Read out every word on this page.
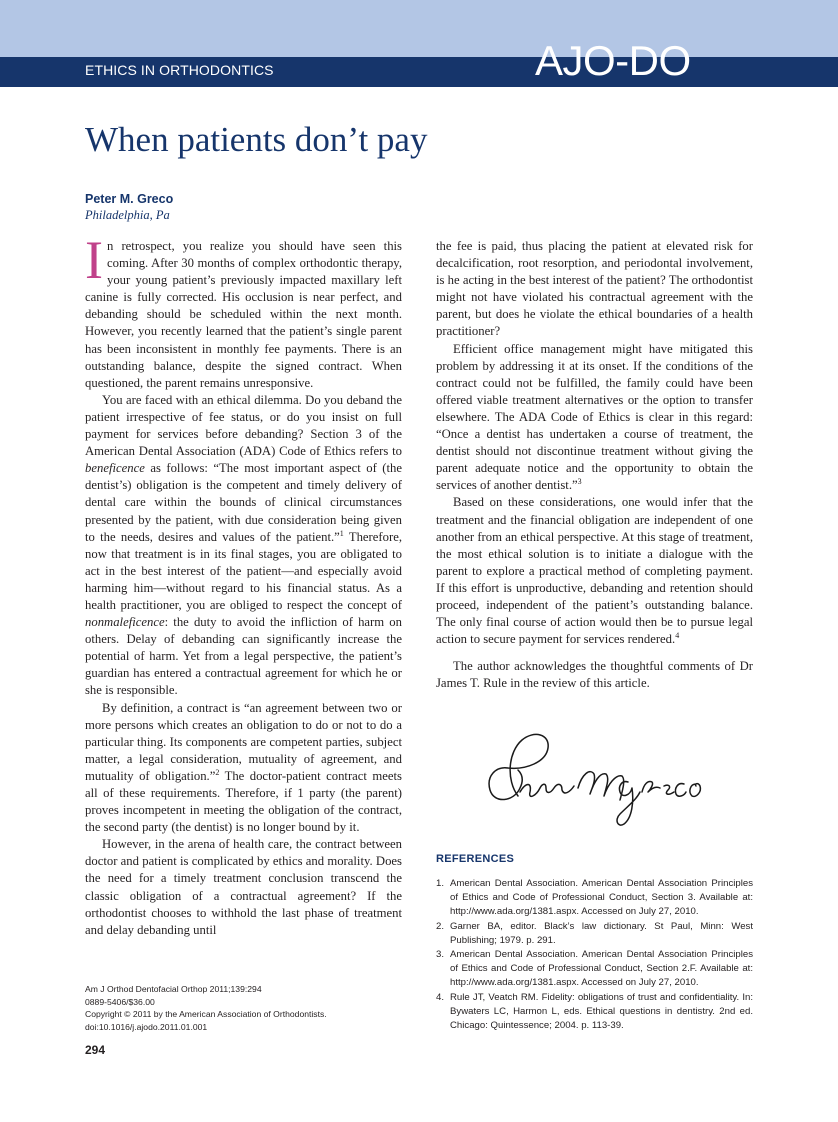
ETHICS IN ORTHODONTICS	AJO-DO
When patients don’t pay
Peter M. Greco
Philadelphia, Pa

In retrospect, you realize you should have seen this coming. After 30 months of complex orthodontic therapy, your young patient’s previously impacted maxillary left canine is fully corrected. His occlusion is near perfect, and debanding should be scheduled within the next month. However, you recently learned that the patient’s single parent has been inconsistent in monthly fee payments. There is an outstanding balance, despite the signed contract. When questioned, the parent remains unresponsive.

You are faced with an ethical dilemma. Do you deband the patient irrespective of fee status, or do you insist on full payment for services before debanding? Section 3 of the American Dental Association (ADA) Code of Ethics refers to beneficence as follows: “The most important aspect of (the dentist’s) obligation is the competent and timely delivery of dental care within the bounds of clinical circumstances presented by the patient, with due consideration being given to the needs, desires and values of the patient.”$^1$ Therefore, now that treatment is in its final stages, you are obligated to act in the best interest of the patient—and especially avoid harming him—without regard to his financial status. As a health practitioner, you are obliged to respect the concept of nonmaleficence: the duty to avoid the infliction of harm on others. Delay of debanding can significantly increase the potential of harm. Yet from a legal perspective, the patient’s guardian has entered a contractual agreement for which he or she is responsible.

By definition, a contract is “an agreement between two or more persons which creates an obligation to do or not to do a particular thing. Its components are competent parties, subject matter, a legal consideration, mutuality of agreement, and mutuality of obligation.”$^2$ The doctor-patient contract meets all of these requirements. Therefore, if 1 party (the parent) proves incompetent in meeting the obligation of the contract, the second party (the dentist) is no longer bound by it.

However, in the arena of health care, the contract between doctor and patient is complicated by ethics and morality. Does the need for a timely treatment conclusion transcend the classic obligation of a contractual agreement? If the orthodontist chooses to withhold the last phase of treatment and delay debanding until

the fee is paid, thus placing the patient at elevated risk for decalcification, root resorption, and periodontal involvement, is he acting in the best interest of the patient? The orthodontist might not have violated his contractual agreement with the parent, but does he violate the ethical boundaries of a health practitioner?

Efficient office management might have mitigated this problem by addressing it at its onset. If the conditions of the contract could not be fulfilled, the family could have been offered viable treatment alternatives or the option to transfer elsewhere. The ADA Code of Ethics is clear in this regard: “Once a dentist has undertaken a course of treatment, the dentist should not discontinue treatment without giving the parent adequate notice and the opportunity to obtain the services of another dentist.”$^3$

Based on these considerations, one would infer that the treatment and the financial obligation are independent of one another from an ethical perspective. At this stage of treatment, the most ethical solution is to initiate a dialogue with the parent to explore a practical method of completing payment. If this effort is unproductive, debanding and retention should proceed, independent of the patient’s outstanding balance. The only final course of action would then be to pursue legal action to secure payment for services rendered.$^4$

The author acknowledges the thoughtful comments of Dr James T. Rule in the review of this article.

REFERENCES
1. American Dental Association. American Dental Association Principles of Ethics and Code of Professional Conduct, Section 3. Available at: http://www.ada.org/1381.aspx. Accessed on July 27, 2010.
2. Garner BA, editor. Black’s law dictionary. St Paul, Minn: West Publishing; 1979. p. 291.
3. American Dental Association. American Dental Association Principles of Ethics and Code of Professional Conduct, Section 2.F. Available at: http://www.ada.org/1381.aspx. Accessed on July 27, 2010.
4. Rule JT, Veatch RM. Fidelity: obligations of trust and confidentiality. In: Bywaters LC, Harmon L, eds. Ethical questions in dentistry. 2nd ed. Chicago: Quintessence; 2004. p. 113-39.
Am J Orthod Dentofacial Orthop 2011;139:294
0889-5406/$36.00
Copyright © 2011 by the American Association of Orthodontists.
doi:10.1016/j.ajodo.2011.01.001
294
